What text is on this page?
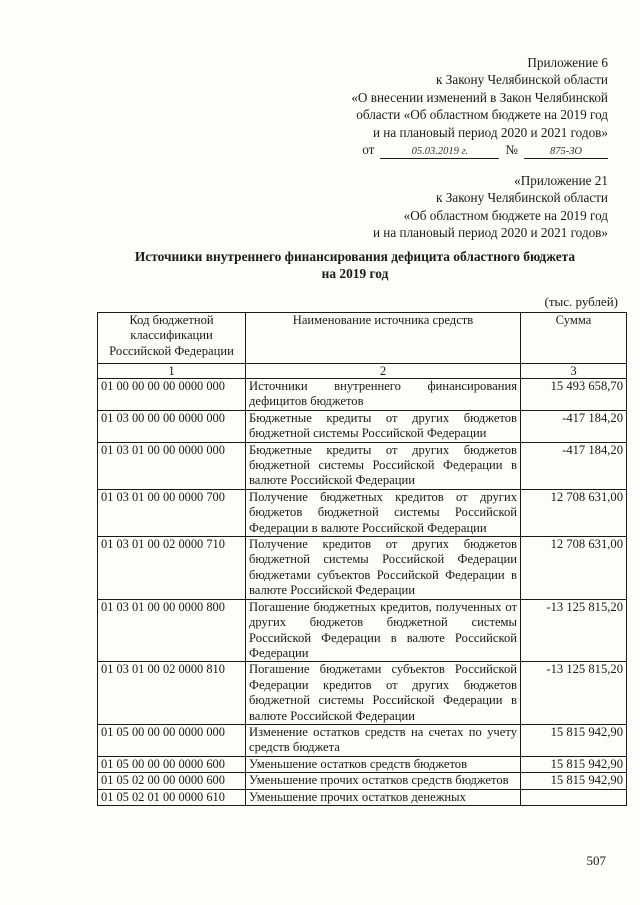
Приложение 6
к Закону Челябинской области
«О внесении изменений в Закон Челябинской
области «Об областном бюджете на 2019 год
и на плановый период 2020 и 2021 годов»
от	05.03.2019 г.	№	875-ЗО
«Приложение 21
к Закону Челябинской области
«Об областном бюджете на 2019 год
и на плановый период 2020 и 2021 годов»
Источники внутреннего финансирования дефицита областного бюджета
на 2019 год
(тыс. рублей)
Код бюджетной классификации Российской Федерации	Наименование источника средств	Сумма
1	2	3
01 00 00 00 00 0000 000	Источники внутреннего финансирования дефицитов бюджетов	15 493 658,70
01 03 00 00 00 0000 000	Бюджетные кредиты от других бюджетов бюджетной системы Российской Федерации	-417 184,20
01 03 01 00 00 0000 000	Бюджетные кредиты от других бюджетов бюджетной системы Российской Федерации в валюте Российской Федерации	-417 184,20
01 03 01 00 00 0000 700	Получение бюджетных кредитов от других бюджетов бюджетной системы Российской Федерации в валюте Российской Федерации	12 708 631,00
01 03 01 00 02 0000 710	Получение кредитов от других бюджетов бюджетной системы Российской Федерации бюджетами субъектов Российской Федерации в валюте Российской Федерации	12 708 631,00
01 03 01 00 00 0000 800	Погашение бюджетных кредитов, полученных от других бюджетов бюджетной системы Российской Федерации в валюте Российской Федерации	-13 125 815,20
01 03 01 00 02 0000 810	Погашение бюджетами субъектов Российской Федерации кредитов от других бюджетов бюджетной системы Российской Федерации в валюте Российской Федерации	-13 125 815,20
01 05 00 00 00 0000 000	Изменение остатков средств на счетах по учету средств бюджета	15 815 942,90
01 05 00 00 00 0000 600	Уменьшение остатков средств бюджетов	15 815 942,90
01 05 02 00 00 0000 600	Уменьшение прочих остатков средств бюджетов	15 815 942,90
01 05 02 01 00 0000 610	Уменьшение прочих остатков денежных	
507
